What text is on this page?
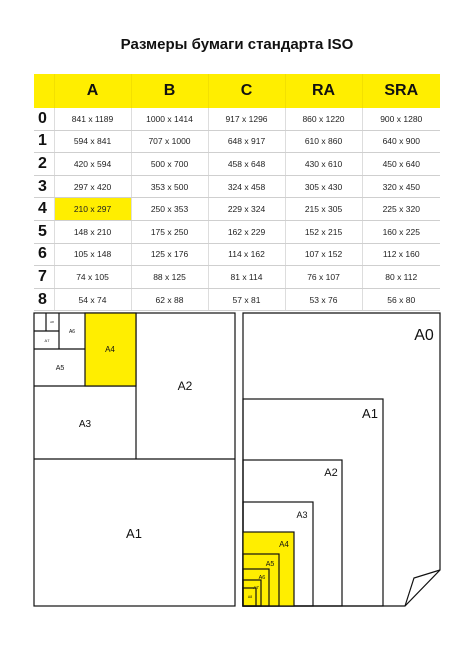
Размеры бумаги стандарта ISO
	A	B	C	RA	SRA
0	841 x 1189	1000 x 1414	917 x 1296	860 x 1220	900 x 1280
1	594 x 841	707 x 1000	648 x 917	610 x 860	640 x 900
2	420 x 594	500 x 700	458 x 648	430 x 610	450 x 640
3	297 x 420	353 x 500	324 x 458	305 x 430	320 x 450
4	210 x 297	250 x 353	229 x 324	215 x 305	225 x 320
5	148 x 210	175 x 250	162 x 229	152 x 215	160 x 225
6	105 x 148	125 x 176	114 x 162	107 x 152	112 x 160
7	74 x 105	88 x 125	81 x 114	76 x 107	80 x 112
8	54 x 74	62 x 88	57 x 81	53 x 76	56 x 80
A1
A2
A3
A4
A5
A6
A7
A8
A0
A1
A2
A3
A4
A5
A6
A7
A8
